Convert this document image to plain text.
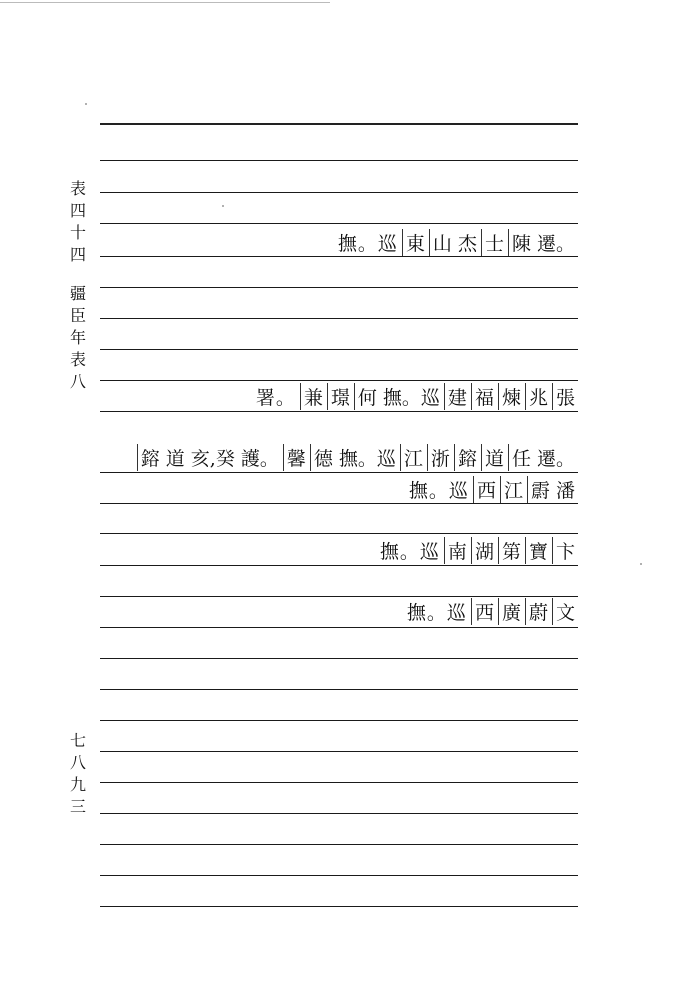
表
四
十
四
疆
臣
年
表
八
七
八
九
三
撫。巡 東 山 杰 士 陳 遷。
署。 兼 璟 何 撫。巡 建 福 煉 兆 張
鎔 道 亥,癸 護。 馨 德 撫。巡 江 浙 鎔 道 任 遷。
撫。巡 西 江 霨 潘
撫。巡 南 湖 第 寶 卞
撫。巡 西 廣 蔚 文
